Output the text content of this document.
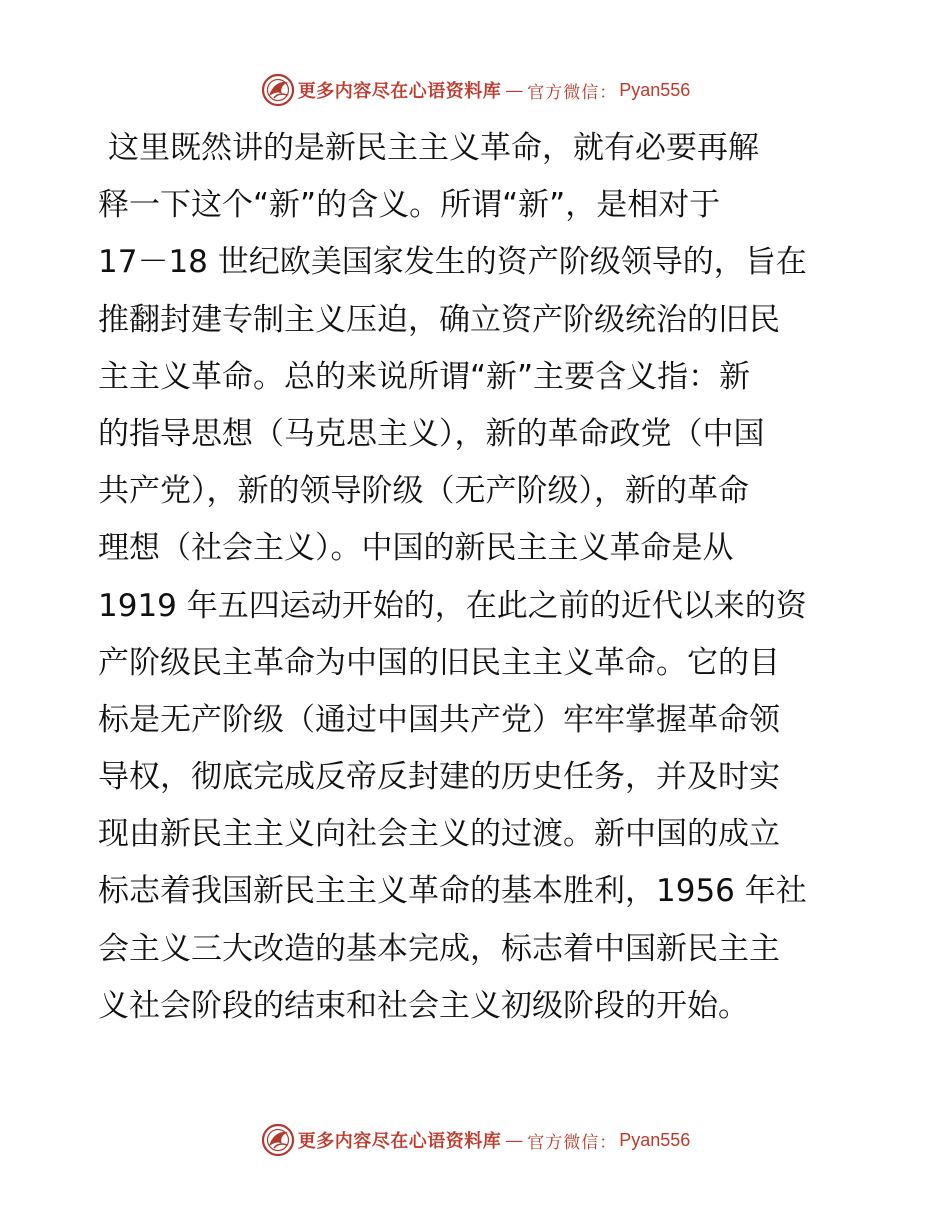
更多内容尽在心语资料库 — 官方微信： Pyan556
这里既然讲的是新民主主义革命，就有必要再解
释一下这个“新”的含义。所谓“新”，是相对于
17－18 世纪欧美国家发生的资产阶级领导的，旨在
推翻封建专制主义压迫，确立资产阶级统治的旧民
主主义革命。总的来说所谓“新”主要含义指：新
的指导思想（马克思主义），新的革命政党（中国
共产党），新的领导阶级（无产阶级），新的革命
理想（社会主义）。中国的新民主主义革命是从
1919 年五四运动开始的，在此之前的近代以来的资
产阶级民主革命为中国的旧民主主义革命。它的目
标是无产阶级（通过中国共产党）牢牢掌握革命领
导权，彻底完成反帝反封建的历史任务，并及时实
现由新民主主义向社会主义的过渡。新中国的成立
标志着我国新民主主义革命的基本胜利，1956 年社
会主义三大改造的基本完成，标志着中国新民主主
义社会阶段的结束和社会主义初级阶段的开始。
更多内容尽在心语资料库 — 官方微信： Pyan556
